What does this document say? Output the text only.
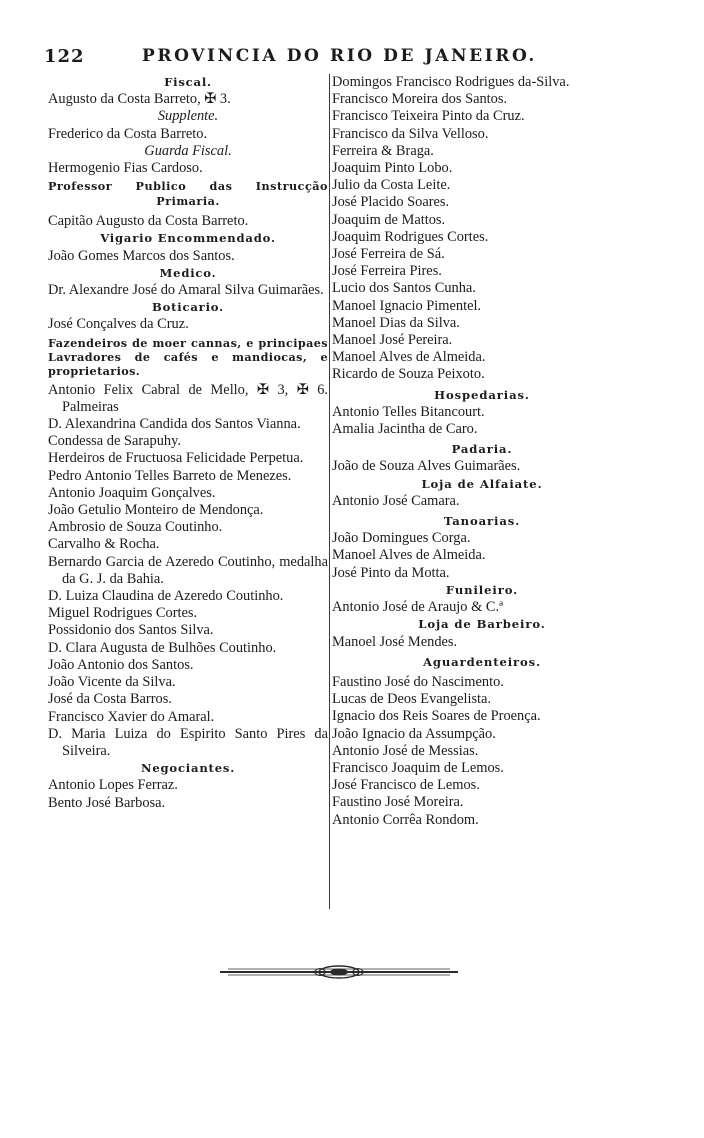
122	PROVINCIA DO RIO DE JANEIRO.
Fiscal.
Augusto da Costa Barreto, ✠ 3.
Supplente.
Frederico da Costa Barreto.
Guarda Fiscal.
Hermogenio Fias Cardoso.
Professor Publico das Instrucção Primaria.
Capitão Augusto da Costa Barreto.
Vigario Encommendado.
João Gomes Marcos dos Santos.
Medico.
Dr. Alexandre José do Amaral Silva Guimarães.
Boticario.
José Conçalves da Cruz.
Fazendeiros de moer cannas, e principaes Lavradores de cafés e mandiocas, e proprietarios.
Antonio Felix Cabral de Mello, ✠ 3, ✠ 6. Palmeiras
D. Alexandrina Candida dos Santos Vianna.
Condessa de Sarapuhy.
Herdeiros de Fructuosa Felicidade Perpetua.
Pedro Antonio Telles Barreto de Menezes.
Antonio Joaquim Gonçalves.
João Getulio Monteiro de Mendonça.
Ambrosio de Souza Coutinho.
Carvalho & Rocha.
Bernardo Garcia de Azeredo Coutinho, medalha da G. J. da Bahia.
D. Luiza Claudina de Azeredo Coutinho.
Miguel Rodrigues Cortes.
Possidonio dos Santos Silva.
D. Clara Augusta de Bulhões Coutinho.
João Antonio dos Santos.
João Vicente da Silva.
José da Costa Barros.
Francisco Xavier do Amaral.
D. Maria Luiza do Espirito Santo Pires da Silveira.
Negociantes.
Antonio Lopes Ferraz.
Bento José Barbosa.
Domingos Francisco Rodrigues da-Silva.
Francisco Moreira dos Santos.
Francisco Teixeira Pinto da Cruz.
Francisco da Silva Velloso.
Ferreira & Braga.
Joaquim Pinto Lobo.
Julio da Costa Leite.
José Placido Soares.
Joaquim de Mattos.
Joaquim Rodrigues Cortes.
José Ferreira de Sá.
José Ferreira Pires.
Lucio dos Santos Cunha.
Manoel Ignacio Pimentel.
Manoel Dias da Silva.
Manoel José Pereira.
Manoel Alves de Almeida.
Ricardo de Souza Peixoto.
Hospedarias.
Antonio Telles Bitancourt.
Amalia Jacintha de Caro.
Padaria.
João de Souza Alves Guimarães.
Loja de Alfaiate.
Antonio José Camara.
Tanoarias.
João Domingues Corga.
Manoel Alves de Almeida.
José Pinto da Motta.
Funileiro.
Antonio José de Araujo & C.ª
Loja de Barbeiro.
Manoel José Mendes.
Aguardenteiros.
Faustino José do Nascimento.
Lucas de Deos Evangelista.
Ignacio dos Reis Soares de Proença.
João Ignacio da Assumpção.
Antonio José de Messias.
Francisco Joaquim de Lemos.
José Francisco de Lemos.
Faustino José Moreira.
Antonio Corrêa Rondom.
